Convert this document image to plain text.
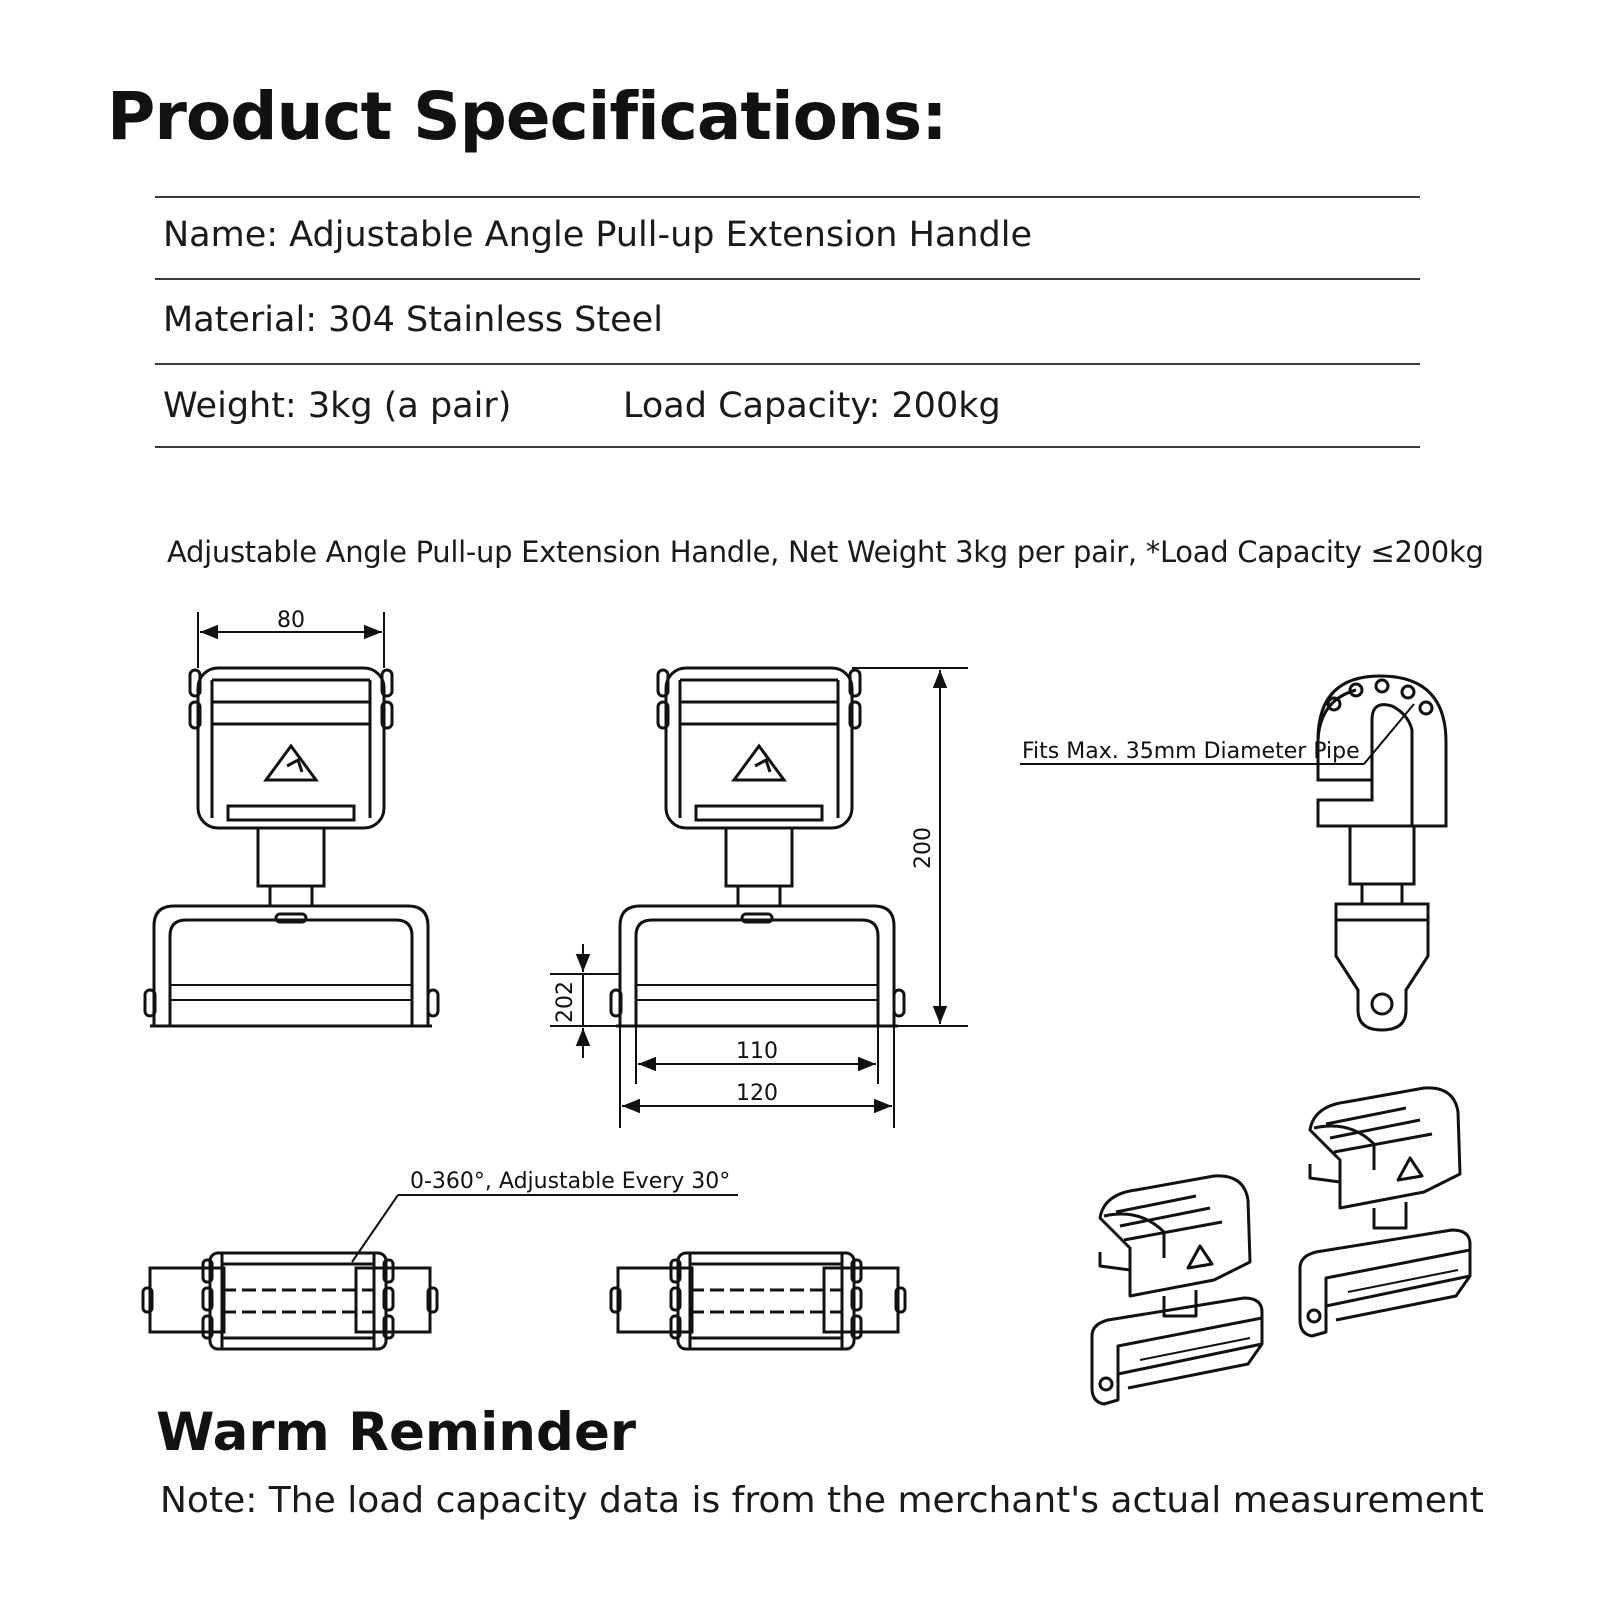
Product Specifications:
Name: Adjustable Angle Pull-up Extension Handle
Material: 304 Stainless Steel
Weight: 3kg (a pair)	Load Capacity: 200kg
Adjustable Angle Pull-up Extension Handle, Net Weight 3kg per pair, *Load Capacity ≤200kg
80
200
202
110
120
Fits Max. 35mm Diameter Pipe
0-360°, Adjustable Every 30°
Warm Reminder
Note: The load capacity data is from the merchant's actual measurement
